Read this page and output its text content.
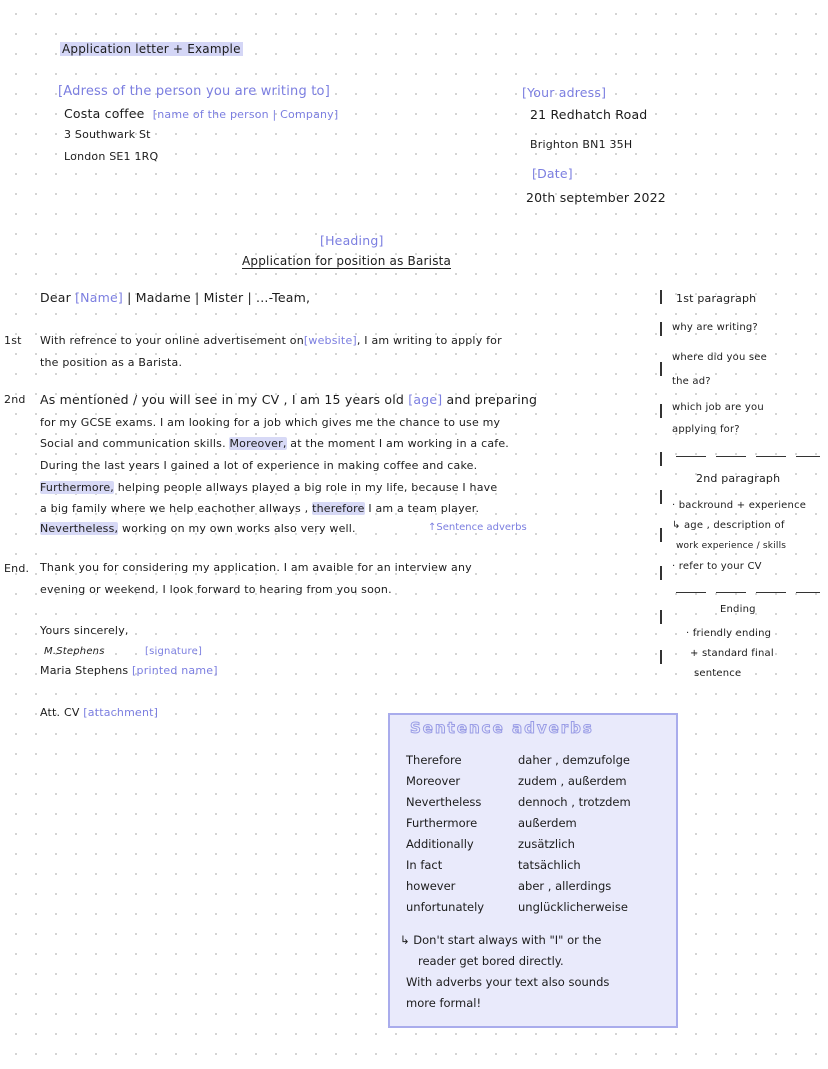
Application letter + Example
[Adress of the person you are writing to]
Costa coffee [name of the person | Company]
3 Southwark St
London SE1 1RQ
[Your adress]
21 Redhatch Road
Brighton BN1 35H
[Date]
20th september 2022
[Heading]
Application for position as Barista
Dear [Name] | Madame | Mister | ...-Team,
1st With refrence to your online advertisement on[website], I am writing to apply for
the position as a Barista.
2nd As mentioned / you will see in my CV , I am 15 years old [age] and preparing
for my GCSE exams. I am looking for a job which gives me the chance to use my
Social and communication skills. Moreover, at the moment I am working in a cafe.
During the last years I gained a lot of experience in making coffee and cake.
Furthermore, helping people allways played a big role in my life, because I have
a big family where we help eachother allways , therefore I am a team player.
Nevertheless, working on my own works also very well.	↑Sentence adverbs
End. Thank you for considering my application. I am avaible for an interview any
evening or weekend. I look forward to hearing from you soon.
Yours sincerely,
M.Stephens	[signature]
Maria Stephens [printed name]
Att. CV [attachment]
1st paragraph
why are writing?
where did you see
the ad?
which job are you
applying for?
2nd paragraph
· backround + experience
↳ age , description of
work experience / skills
· refer to your CV
Ending
· friendly ending
+ standard final
sentence
Sentence adverbs
Therefore	daher , demzufolge
Moreover	zudem , außerdem
Nevertheless	dennoch , trotzdem
Furthermore	außerdem
Additionally	zusätzlich
In fact	tatsächlich
however	aber , allerdings
unfortunately	unglücklicherweise
↳ Don't start always with "I" or the
reader get bored directly.
With adverbs your text also sounds
more formal!
